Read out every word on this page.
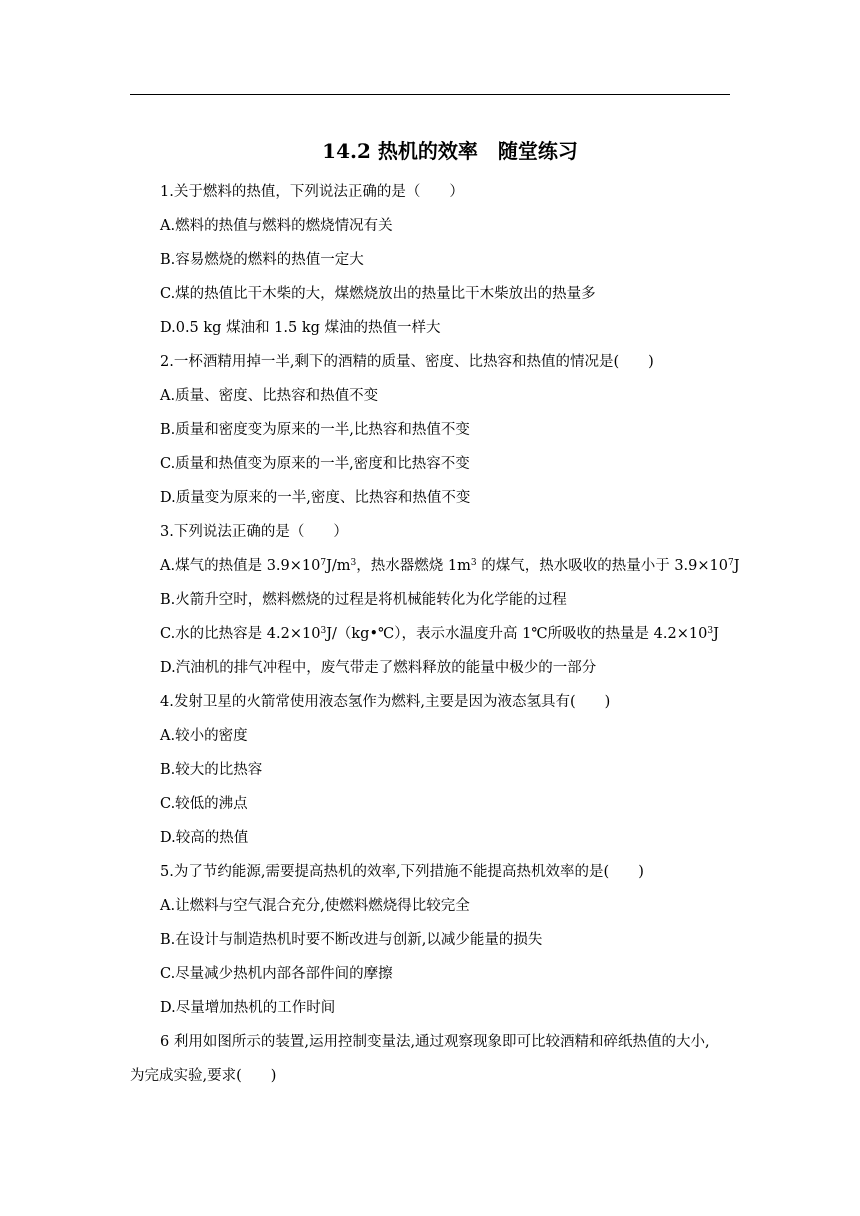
14.2 热机的效率　随堂练习
1.关于燃料的热值，下列说法正确的是（　　）
A.燃料的热值与燃料的燃烧情况有关
B.容易燃烧的燃料的热值一定大
C.煤的热值比干木柴的大，煤燃烧放出的热量比干木柴放出的热量多
D.0.5 kg 煤油和 1.5 kg 煤油的热值一样大
2.一杯酒精用掉一半,剩下的酒精的质量、密度、比热容和热值的情况是(　　)
A.质量、密度、比热容和热值不变
B.质量和密度变为原来的一半,比热容和热值不变
C.质量和热值变为原来的一半,密度和比热容不变
D.质量变为原来的一半,密度、比热容和热值不变
3.下列说法正确的是（　　）
A.煤气的热值是 $3.9\times 10^7J/m^3$，热水器燃烧 $1m^3$ 的煤气，热水吸收的热量小于 $3.9\times 10^7J$
B.火箭升空时，燃料燃烧的过程是将机械能转化为化学能的过程
C.水的比热容是 $4.2\times 10^3J/(kg•℃)$，表示水温度升高 1℃所吸收的热量是 $4.2\times 10^3J$
D.汽油机的排气冲程中，废气带走了燃料释放的能量中极少的一部分
4.发射卫星的火箭常使用液态氢作为燃料,主要是因为液态氢具有(　　)
A.较小的密度
B.较大的比热容
C.较低的沸点
D.较高的热值
5.为了节约能源,需要提高热机的效率,下列措施不能提高热机效率的是(　　)
A.让燃料与空气混合充分,使燃料燃烧得比较完全
B.在设计与制造热机时要不断改进与创新,以减少能量的损失
C.尽量减少热机内部各部件间的摩擦
D.尽量增加热机的工作时间
6 利用如图所示的装置,运用控制变量法,通过观察现象即可比较酒精和碎纸热值的大小,
为完成实验,要求(　　)
